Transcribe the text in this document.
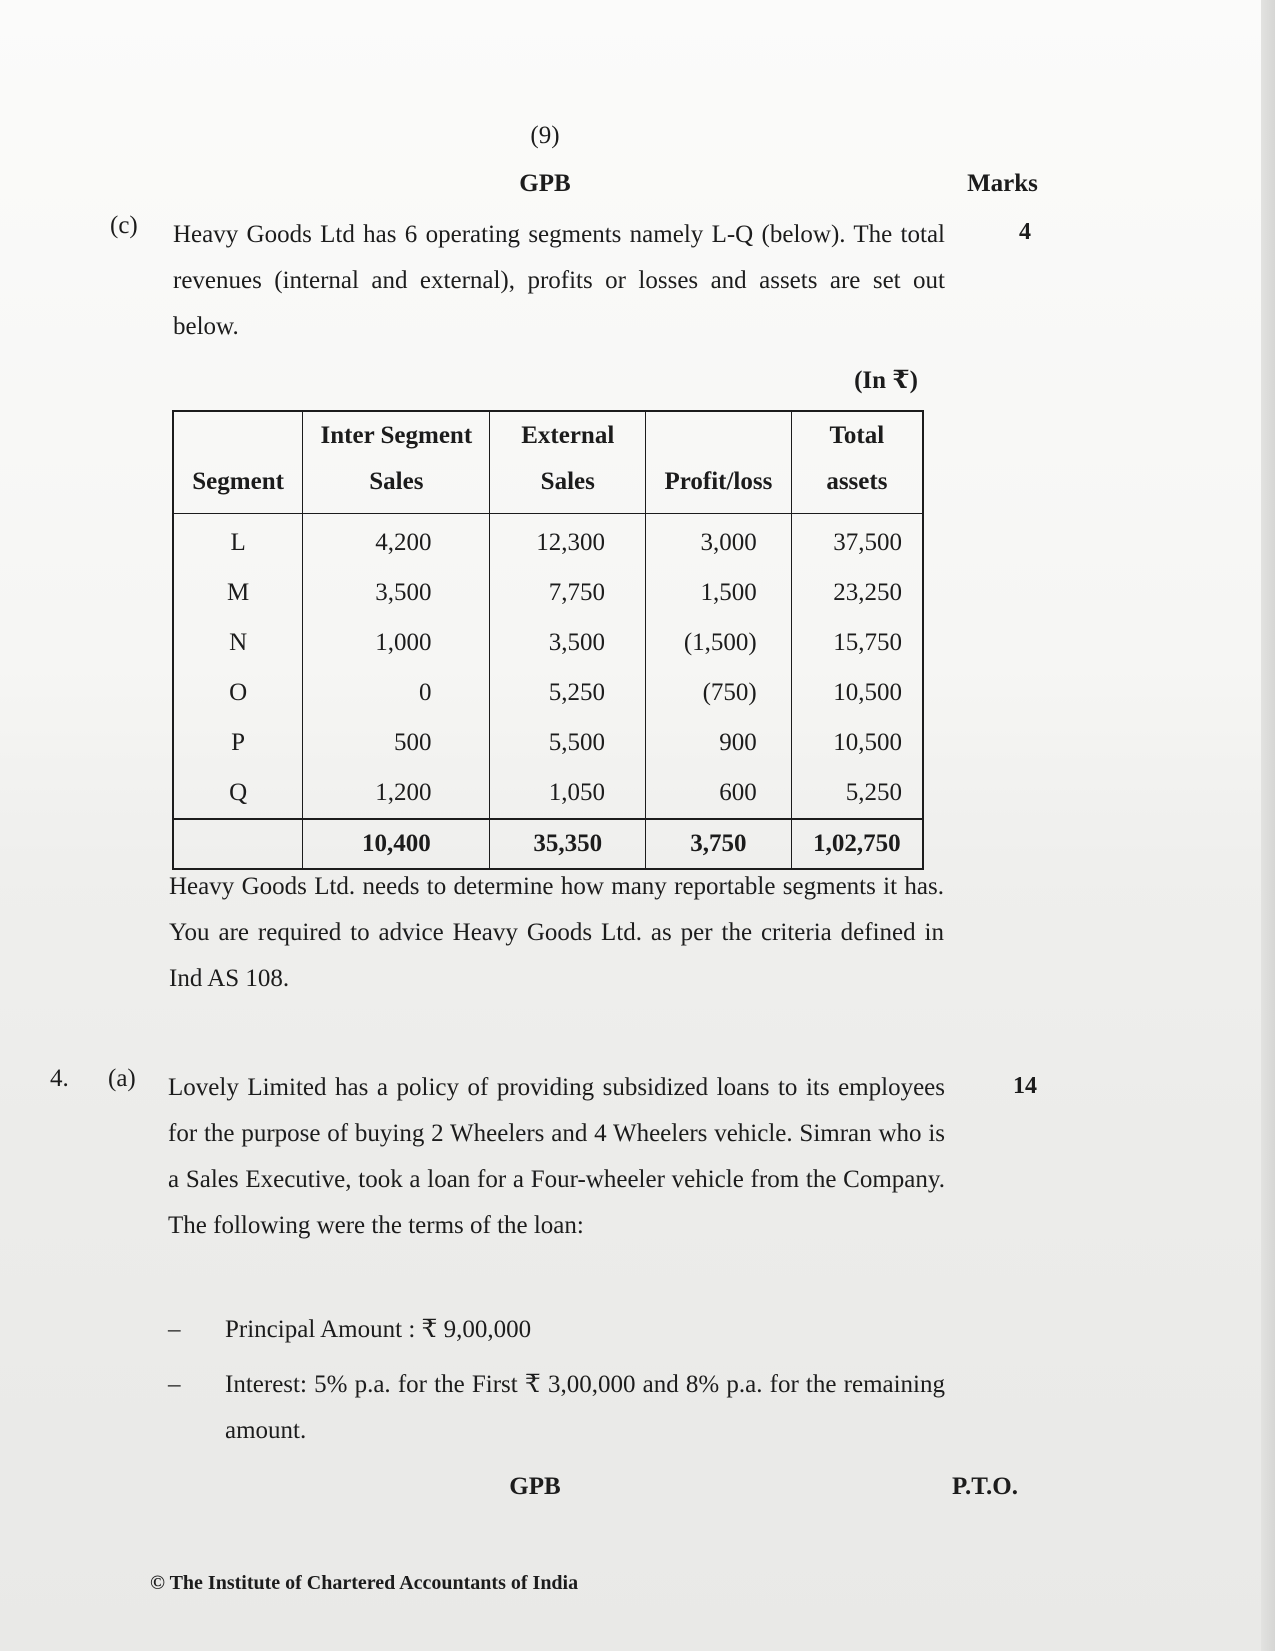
(9)
GPB	Marks
(c) Heavy Goods Ltd has 6 operating segments namely L-Q (below). The total revenues (internal and external), profits or losses and assets are set out below.
4
(In ₹)
Segment	Inter Segment Sales	External Sales	Profit/loss	Total assets
L	4,200	12,300	3,000	37,500
M	3,500	7,750	1,500	23,250
N	1,000	3,500	(1,500)	15,750
O	0	5,250	(750)	10,500
P	500	5,500	900	10,500
Q	1,200	1,050	600	5,250
	10,400	35,350	3,750	1,02,750
Heavy Goods Ltd. needs to determine how many reportable segments it has. You are required to advice Heavy Goods Ltd. as per the criteria defined in Ind AS 108.
4. (a) Lovely Limited has a policy of providing subsidized loans to its employees for the purpose of buying 2 Wheelers and 4 Wheelers vehicle. Simran who is a Sales Executive, took a loan for a Four-wheeler vehicle from the Company. The following were the terms of the loan:
14
– Principal Amount : ₹ 9,00,000
– Interest: 5% p.a. for the First ₹ 3,00,000 and 8% p.a. for the remaining amount.
GPB	P.T.O.
© The Institute of Chartered Accountants of India
